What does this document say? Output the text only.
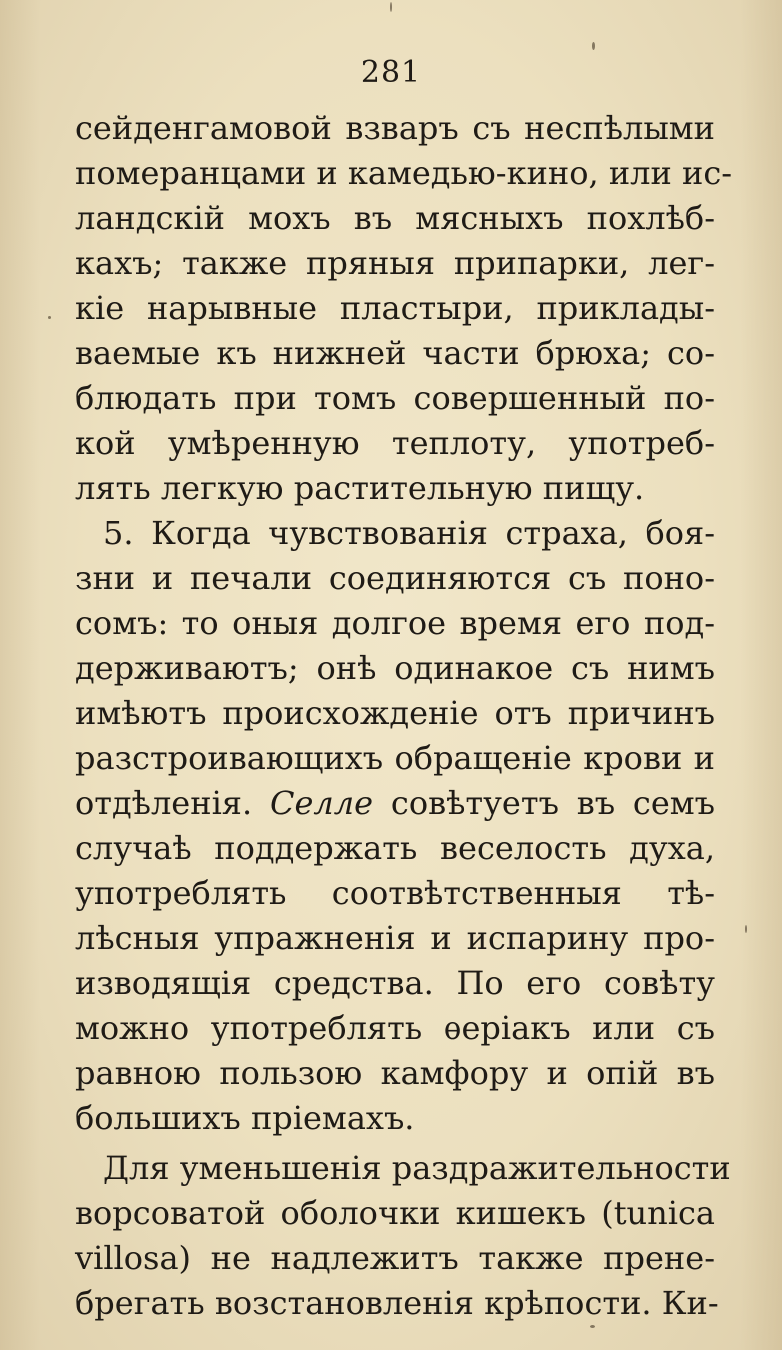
281
сейденгамовой взваръ съ неспѣлыми
померанцами и камедью-кино, или ис-
ландскій мохъ въ мясныхъ похлѣб-
кахъ; также пряныя припарки, лег-
кіе нарывные пластыри, приклады-
ваемые къ нижней части брюха; со-
блюдать при томъ совершенный по-
кой умѣренную теплоту, употреб-
лять легкую растительную пищу.
5. Когда чувствованія страха, боя-
зни и печали соединяются съ поно-
сомъ: то оныя долгое время его под-
держиваютъ; онѣ одинакое съ нимъ
имѣютъ происхожденіе отъ причинъ
разстроивающихъ обращеніе крови и
отдѣленія. Селле совѣтуетъ въ семъ
случаѣ поддержать веселость духа,
употреблять соотвѣтственныя тѣ-
лѣсныя упражненія и испарину про-
изводящія средства. По его совѣту
можно употреблять ѳеріакъ или съ
равною пользою камфору и опій въ
большихъ пріемахъ.
Для уменьшенія раздражительности
ворсоватой оболочки кишекъ (tunica
villosa) не надлежитъ также прене-
брегать возстановленія крѣпости. Ки-
